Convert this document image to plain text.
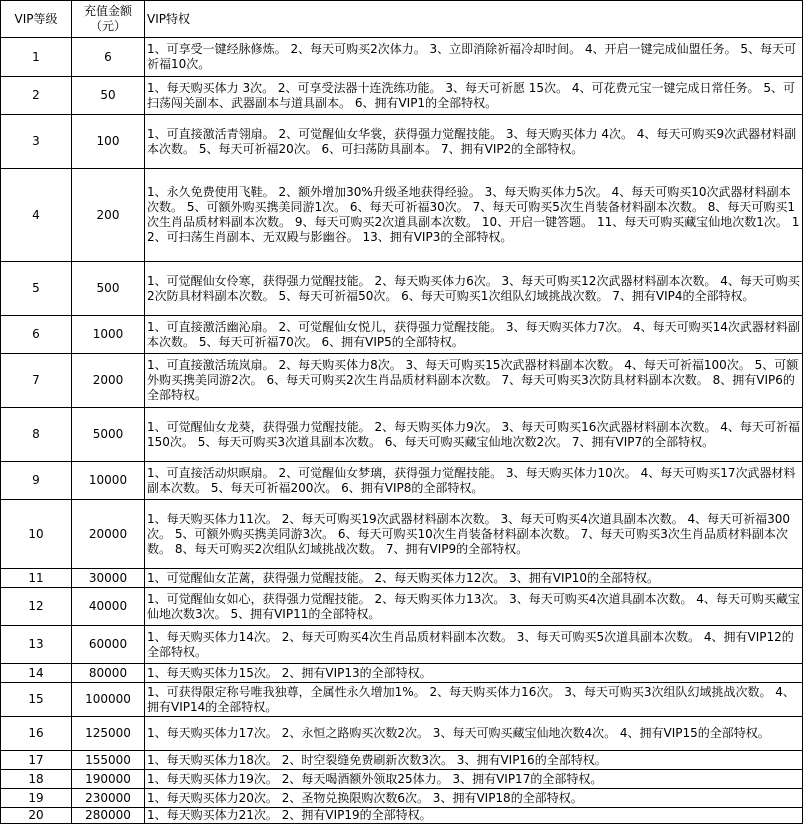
VIP等级	充值金额（元）	VIP特权
1	6	1、可享受一键经脉修炼。 2、每天可购买2次体力。 3、立即消除祈福冷却时间。 4、开启一键完成仙盟任务。 5、每天可祈福10次。
2	50	1、每天购买体力 3次。 2、可享受法器十连洗练功能。 3、每天可祈愿 15次。 4、可花费元宝一键完成日常任务。 5、可扫荡闯关副本、武器副本与道具副本。 6、拥有VIP1的全部特权。
3	100	1、可直接激活青翎扇。 2、可觉醒仙女华裳，获得强力觉醒技能。 3、每天购买体力 4次。 4、每天可购买9次武器材料副本次数。 5、每天可祈福20次。 6、可扫荡防具副本。 7、拥有VIP2的全部特权。
4	200	1、永久免费使用飞鞋。 2、额外增加30%升级圣地获得经验。 3、每天购买体力5次。 4、每天可购买10次武器材料副本次数。 5、可额外购买携美同游1次。 6、每天可祈福30次。 7、每天可购买5次生肖装备材料副本次数。 8、每天可购买1次生肖品质材料副本次数。 9、每天可购买2次道具副本次数。 10、开启一键答题。 11、每天可购买藏宝仙地次数1次。 12、可扫荡生肖副本、无双殿与影幽谷。 13、拥有VIP3的全部特权。
5	500	1、可觉醒仙女伶寒，获得强力觉醒技能。 2、每天购买体力6次。 3、每天可购买12次武器材料副本次数。 4、每天可购买2次防具材料副本次数。 5、每天可祈福50次。 6、每天可购买1次组队幻域挑战次数。 7、拥有VIP4的全部特权。
6	1000	1、可直接激活幽沁扇。 2、可觉醒仙女悦儿，获得强力觉醒技能。 3、每天购买体力7次。 4、每天可购买14次武器材料副本次数。 5、每天可祈福70次。 6、拥有VIP5的全部特权。
7	2000	1、可直接激活琉岚扇。 2、每天购买体力8次。 3、每天可购买15次武器材料副本次数。 4、每天可祈福100次。 5、可额外购买携美同游2次。 6、每天可购买2次生肖品质材料副本次数。 7、每天可购买3次防具材料副本次数。 8、拥有VIP6的全部特权。
8	5000	1、可觉醒仙女龙葵，获得强力觉醒技能。 2、每天购买体力9次。 3、每天可购买16次武器材料副本次数。 4、每天可祈福150次。 5、每天可购买3次道具副本次数。 6、每天可购买藏宝仙地次数2次。 7、拥有VIP7的全部特权。
9	10000	1、可直接活动炽暝扇。 2、可觉醒仙女梦璃，获得强力觉醒技能。 3、每天购买体力10次。 4、每天可购买17次武器材料副本次数。 5、每天可祈福200次。 6、拥有VIP8的全部特权。
10	20000	1、每天购买体力11次。 2、每天可购买19次武器材料副本次数。 3、每天可购买4次道具副本次数。 4、每天可祈福300次。 5、可额外购买携美同游3次。 6、每天可购买10次生肖装备材料副本次数。 7、每天可购买3次生肖品质材料副本次数。 8、每天可购买2次组队幻域挑战次数。 7、拥有VIP9的全部特权。
11	30000	1、可觉醒仙女芷蓠，获得强力觉醒技能。 2、每天购买体力12次。 3、拥有VIP10的全部特权。
12	40000	1、可觉醒仙女如心，获得强力觉醒技能。 2、每天购买体力13次。 3、每天可购买4次道具副本次数。 4、每天可购买藏宝仙地次数3次。 5、拥有VIP11的全部特权。
13	60000	1、每天购买体力14次。 2、每天可购买4次生肖品质材料副本次数。 3、每天可购买5次道具副本次数。 4、拥有VIP12的全部特权。
14	80000	1、每天购买体力15次。 2、拥有VIP13的全部特权。
15	100000	1、可获得限定称号唯我独尊，全属性永久增加1%。 2、每天购买体力16次。 3、每天可购买3次组队幻域挑战次数。 4、拥有VIP14的全部特权。
16	125000	1、每天购买体力17次。 2、永恒之路购买次数2次。 3、每天可购买藏宝仙地次数4次。 4、拥有VIP15的全部特权。
17	155000	1、每天购买体力18次。 2、时空裂缝免费刷新次数3次。 3、拥有VIP16的全部特权。
18	190000	1、每天购买体力19次。 2、每天喝酒额外领取25体力。 3、拥有VIP17的全部特权。
19	230000	1、每天购买体力20次。 2、圣物兑换限购次数6次。 3、拥有VIP18的全部特权。
20	280000	1、每天购买体力21次。 2、拥有VIP19的全部特权。
